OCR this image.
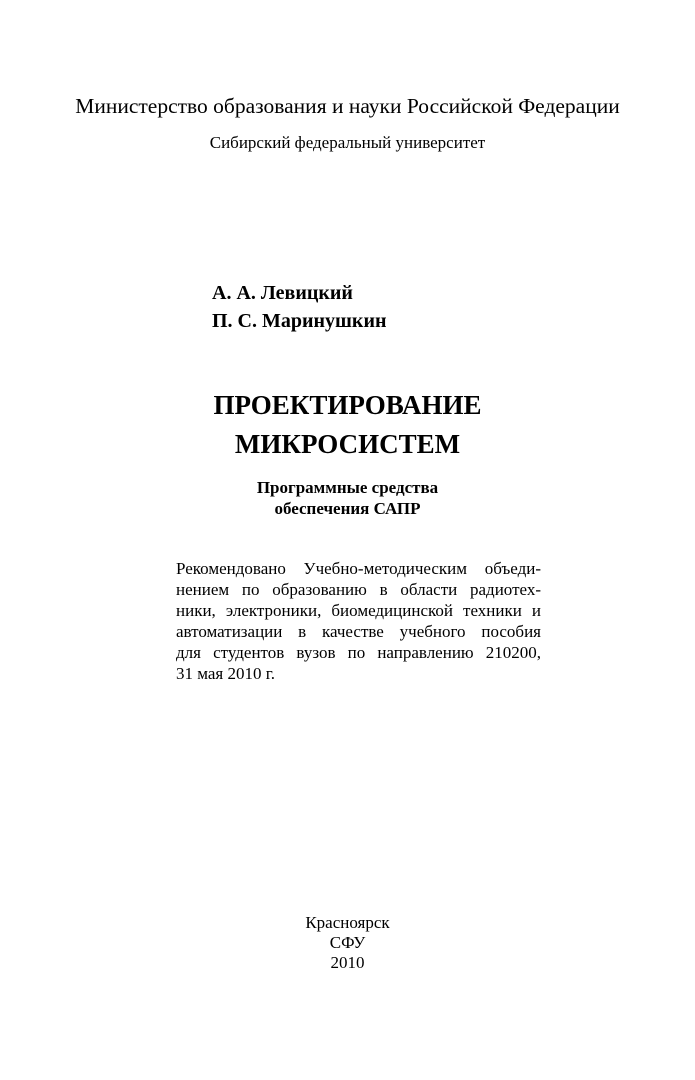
Министерство образования и науки Российской Федерации
Сибирский федеральный университет
А. А. Левицкий
П. С. Маринушкин
ПРОЕКТИРОВАНИЕ
МИКРОСИСТЕМ
Программные средства
обеспечения САПР
Рекомендовано Учебно-методическим объеди-
нением по образованию в области радиотех-
ники, электроники, биомедицинской техники и
автоматизации в качестве учебного пособия
для студентов вузов по направлению 210200,
31 мая 2010 г.
Красноярск
СФУ
2010
